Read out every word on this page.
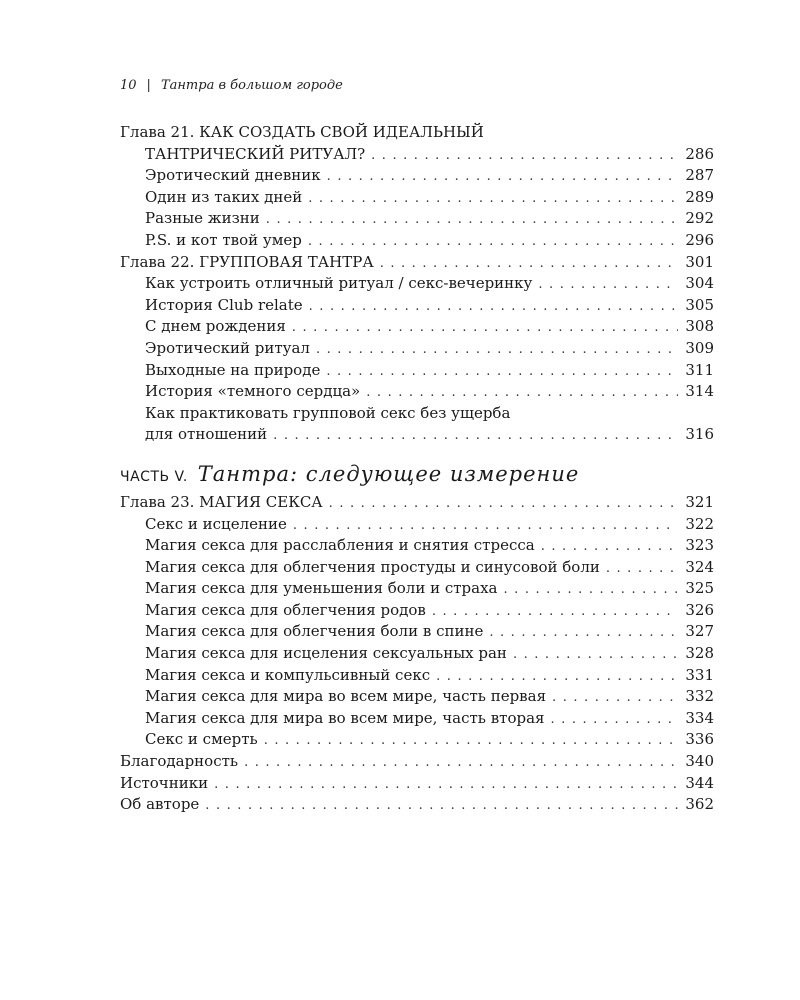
10 | Тантра в большом городе
Глава 21. КАК СОЗДАТЬ СВОЙ ИДЕАЛЬНЫЙ
ТАНТРИЧЕСКИЙ РИТУАЛ? . . .	286
Эротический дневник . . .	287
Один из таких дней . . .	289
Разные жизни . . .	292
P.S. и кот твой умер . . .	296
Глава 22. ГРУППОВАЯ ТАНТРА . . .	301
Как устроить отличный ритуал / секс-вечеринку . . .	304
История Club relate . . .	305
С днем рождения . . .	308
Эротический ритуал . . .	309
Выходные на природе . . .	311
История «темного сердца» . . .	314
Как практиковать групповой секс без ущерба
для отношений . . .	316
ЧАСТЬ V. Тантра: следующее измерение
Глава 23. МАГИЯ СЕКСА . . .	321
Секс и исцеление . . .	322
Магия секса для расслабления и снятия стресса . . .	323
Магия секса для облегчения простуды и синусовой боли . . .	324
Магия секса для уменьшения боли и страха . . .	325
Магия секса для облегчения родов . . .	326
Магия секса для облегчения боли в спине . . .	327
Магия секса для исцеления сексуальных ран . . .	328
Магия секса и компульсивный секс . . .	331
Магия секса для мира во всем мире, часть первая . . .	332
Магия секса для мира во всем мире, часть вторая . . .	334
Секс и смерть . . .	336
Благодарность . . .	340
Источники . . .	344
Об авторе . . .	362
